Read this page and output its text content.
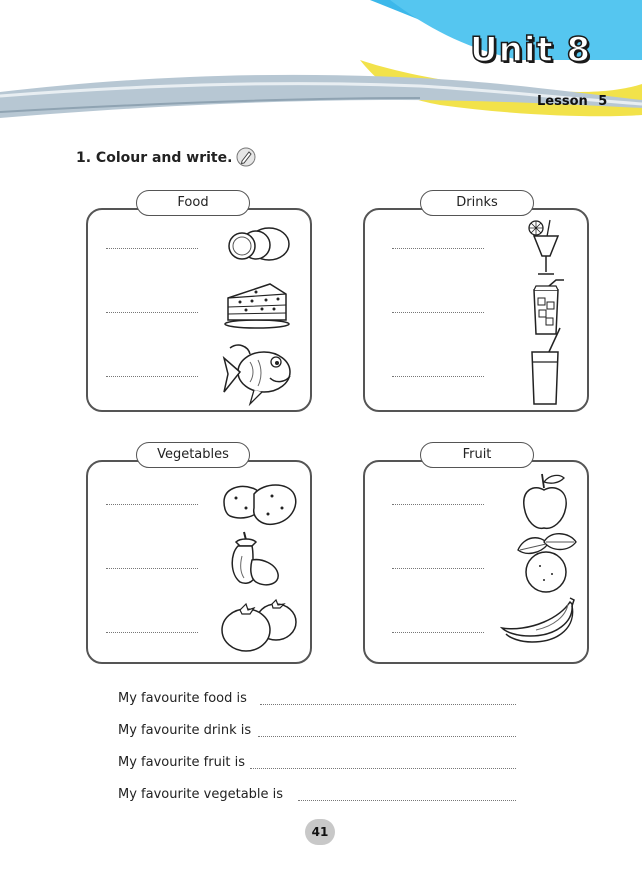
Unit 8
Lesson 5
1. Colour and write.
Food	Drinks
Vegetables	Fruit
My favourite food is
My favourite drink is
My favourite fruit is
My favourite vegetable is
41
